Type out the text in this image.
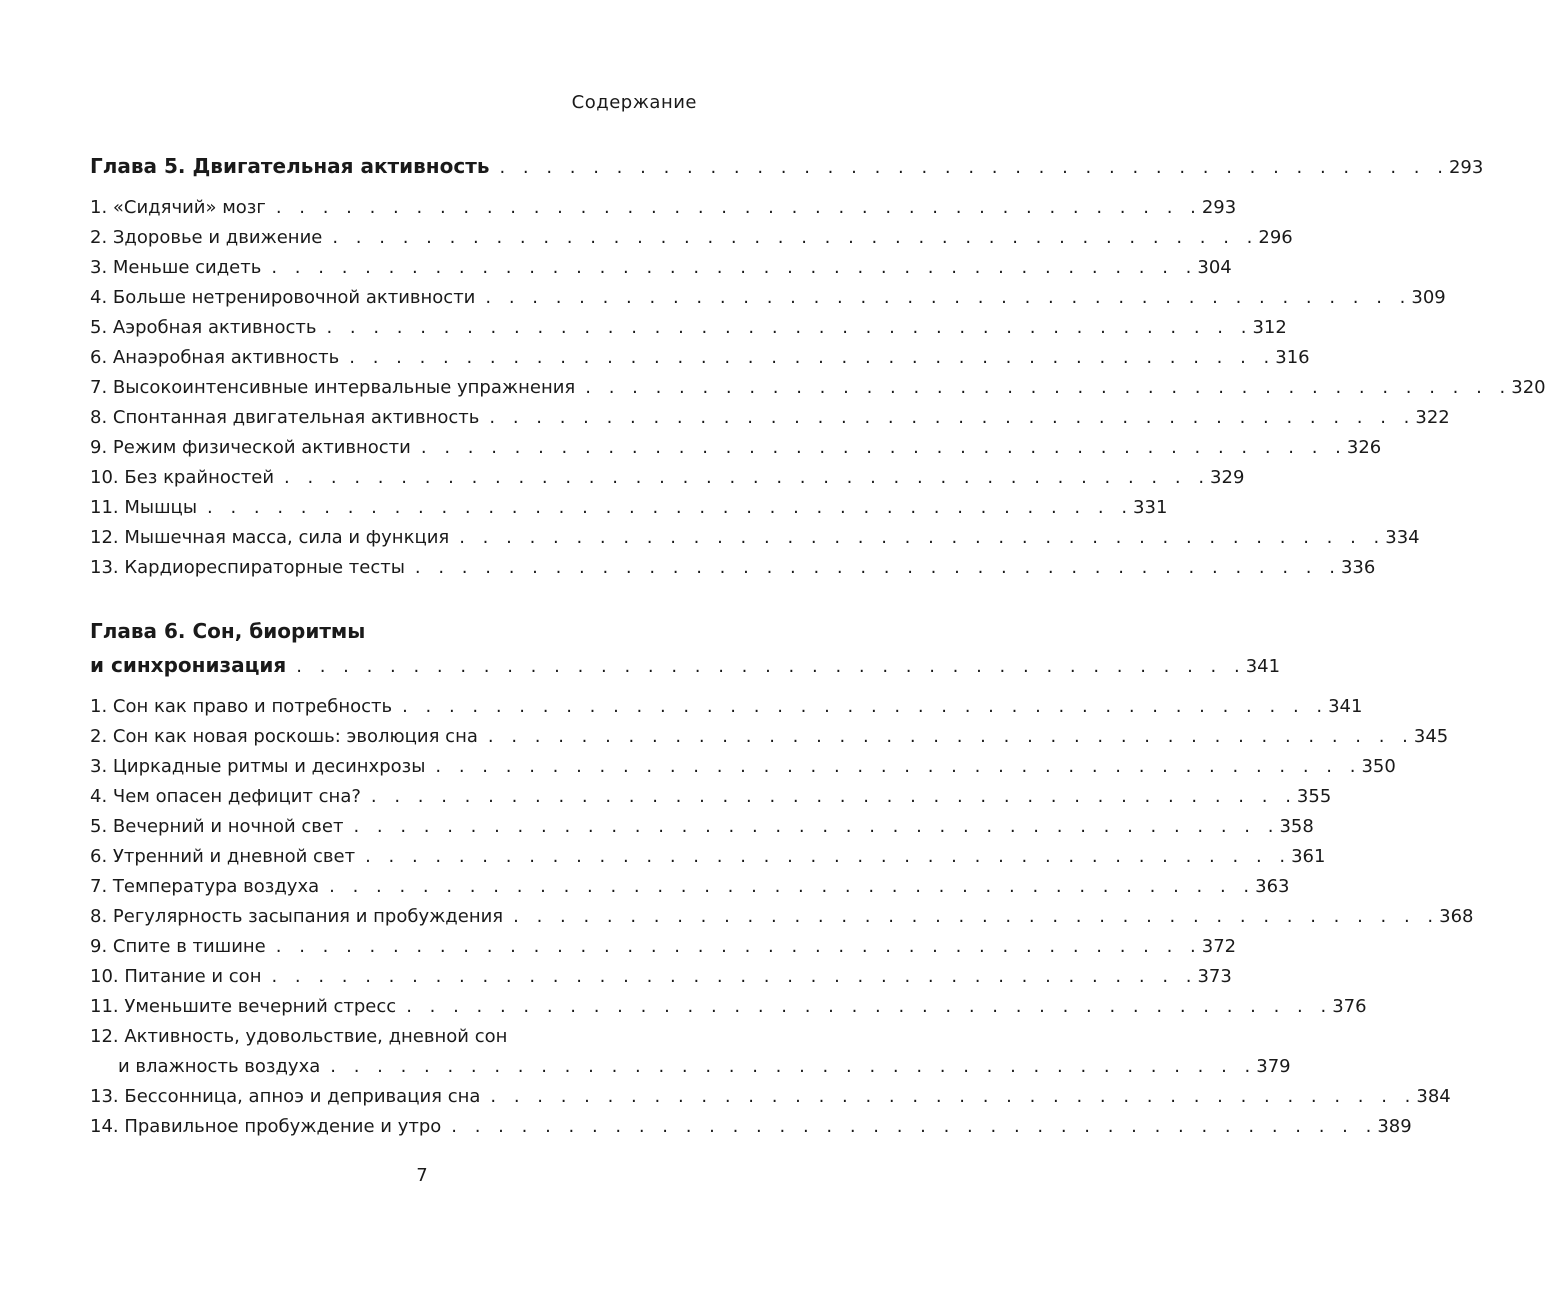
Содержание
Глава 5. Двигательная активность . . . . . . . . . . . . . . . . . . . . . . . . . . . . . . . . . . . . . . . . . 293
1. «Сидячий» мозг . . . . . . . . . . . . . . . . . . . . . . . . . . . . . . . . . . . . . . . . 293
2. Здоровье и движение . . . . . . . . . . . . . . . . . . . . . . . . . . . . . . . . . . . . . . . . 296
3. Меньше сидеть . . . . . . . . . . . . . . . . . . . . . . . . . . . . . . . . . . . . . . . . 304
4. Больше нетренировочной активности . . . . . . . . . . . . . . . . . . . . . . . . . . . . . . . . . . . . . . . . 309
5. Аэробная активность . . . . . . . . . . . . . . . . . . . . . . . . . . . . . . . . . . . . . . . . 312
6. Анаэробная активность . . . . . . . . . . . . . . . . . . . . . . . . . . . . . . . . . . . . . . . . 316
7. Высокоинтенсивные интервальные упражнения . . . . . . . . . . . . . . . . . . . . . . . . . . . . . . . . . . . . . . . . 320
8. Спонтанная двигательная активность . . . . . . . . . . . . . . . . . . . . . . . . . . . . . . . . . . . . . . . . 322
9. Режим физической активности . . . . . . . . . . . . . . . . . . . . . . . . . . . . . . . . . . . . . . . . 326
10. Без крайностей . . . . . . . . . . . . . . . . . . . . . . . . . . . . . . . . . . . . . . . . 329
11. Мышцы . . . . . . . . . . . . . . . . . . . . . . . . . . . . . . . . . . . . . . . . 331
12. Мышечная масса, сила и функция . . . . . . . . . . . . . . . . . . . . . . . . . . . . . . . . . . . . . . . . 334
13. Кардиореспираторные тесты . . . . . . . . . . . . . . . . . . . . . . . . . . . . . . . . . . . . . . . . 336
Глава 6. Сон, биоритмы
и синхронизация . . . . . . . . . . . . . . . . . . . . . . . . . . . . . . . . . . . . . . . . . 341
1. Сон как право и потребность . . . . . . . . . . . . . . . . . . . . . . . . . . . . . . . . . . . . . . . . 341
2. Сон как новая роскошь: эволюция сна . . . . . . . . . . . . . . . . . . . . . . . . . . . . . . . . . . . . . . . . 345
3. Циркадные ритмы и десинхрозы . . . . . . . . . . . . . . . . . . . . . . . . . . . . . . . . . . . . . . . . 350
4. Чем опасен дефицит сна? . . . . . . . . . . . . . . . . . . . . . . . . . . . . . . . . . . . . . . . . 355
5. Вечерний и ночной свет . . . . . . . . . . . . . . . . . . . . . . . . . . . . . . . . . . . . . . . . 358
6. Утренний и дневной свет . . . . . . . . . . . . . . . . . . . . . . . . . . . . . . . . . . . . . . . . 361
7. Температура воздуха . . . . . . . . . . . . . . . . . . . . . . . . . . . . . . . . . . . . . . . . 363
8. Регулярность засыпания и пробуждения . . . . . . . . . . . . . . . . . . . . . . . . . . . . . . . . . . . . . . . . 368
9. Спите в тишине . . . . . . . . . . . . . . . . . . . . . . . . . . . . . . . . . . . . . . . . 372
10. Питание и сон . . . . . . . . . . . . . . . . . . . . . . . . . . . . . . . . . . . . . . . . 373
11. Уменьшите вечерний стресс . . . . . . . . . . . . . . . . . . . . . . . . . . . . . . . . . . . . . . . . 376
12. Активность, удовольствие, дневной сон
и влажность воздуха . . . . . . . . . . . . . . . . . . . . . . . . . . . . . . . . . . . . . . . . 379
13. Бессонница, апноэ и депривация сна . . . . . . . . . . . . . . . . . . . . . . . . . . . . . . . . . . . . . . . . 384
14. Правильное пробуждение и утро . . . . . . . . . . . . . . . . . . . . . . . . . . . . . . . . . . . . . . . . 389
7
